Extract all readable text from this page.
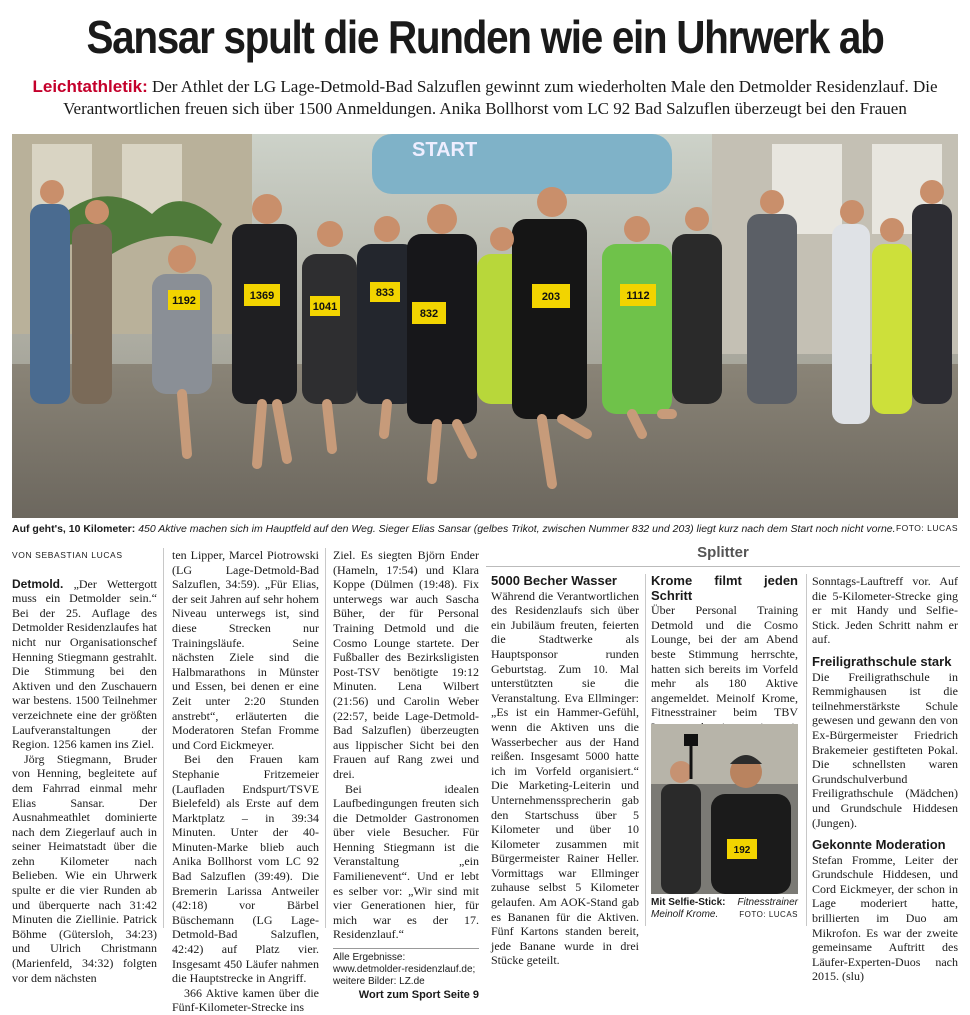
Sansar spult die Runden wie ein Uhrwerk ab
Leichtathletik: Der Athlet der LG Lage-Detmold-Bad Salzuflen gewinnt zum wiederholten Male den Detmolder Residenzlauf. Die Verantwortlichen freuen sich über 1500 Anmeldungen. Anika Bollhorst vom LC 92 Bad Salzuflen überzeugt bei den Frauen
START
1192	1369
1041
833
832
203	1112
Auf geht's, 10 Kilometer: 450 Aktive machen sich im Hauptfeld auf den Weg. Sieger Elias Sansar (gelbes Trikot, zwischen Nummer 832 und 203) liegt kurz nach dem Start noch nicht vorne. FOTO: LUCAS
VON SEBASTIAN LUCAS

Detmold. „Der Wettergott muss ein Detmolder sein.“ Bei der 25. Auflage des Detmolder Residenzlaufes hat nicht nur Organisationschef Henning Stiegmann gestrahlt. Die Stimmung bei den Aktiven und den Zuschauern war bestens. 1500 Teilnehmer verzeichnete eine der größten Laufveranstaltungen der Region. 1256 kamen ins Ziel.

Jörg Stiegmann, Bruder von Henning, begleitete auf dem Fahrrad einmal mehr Elias Sansar. Der Ausnahmeathlet dominierte nach dem Ziegerlauf auch in seiner Heimatstadt über die zehn Kilometer nach Belieben. Wie ein Uhrwerk spulte er die vier Runden ab und überquerte nach 31:42 Minuten die Ziellinie. Patrick Böhme (Gütersloh, 34:23) und Ulrich Christmann (Marienfeld, 34:32) folgten vor dem nächsten

ten Lipper, Marcel Piotrowski (LG Lage-Detmold-Bad Salzuflen, 34:59). „Für Elias, der seit Jahren auf sehr hohem Niveau unterwegs ist, sind diese Strecken nur Trainingsläufe. Seine nächsten Ziele sind die Halbmarathons in Münster und Essen, bei denen er eine Zeit unter 2:20 Stunden anstrebt“, erläuterten die Moderatoren Stefan Fromme und Cord Eickmeyer.

Bei den Frauen kam Stephanie Fritzemeier (Laufladen Endspurt/TSVE Bielefeld) als Erste auf dem Marktplatz – in 39:34 Minuten. Unter der 40-Minuten-Marke blieb auch Anika Bollhorst vom LC 92 Bad Salzuflen (39:49). Die Bremerin Larissa Antweiler (42:18) vor Bärbel Büschemann (LG Lage-Detmold-Bad Salzuflen, 42:42) auf Platz vier. Insgesamt 450 Läufer nahmen die Hauptstrecke in Angriff.

366 Aktive kamen über die Fünf-Kilometer-Strecke ins

Ziel. Es siegten Björn Ender (Hameln, 17:54) und Klara Koppe (Dülmen (19:48). Fix unterwegs war auch Sascha Büher, der für Personal Training Detmold und die Cosmo Lounge startete. Der Fußballer des Bezirksligisten Post-TSV benötigte 19:12 Minuten. Lena Wilbert (21:56) und Carolin Weber (22:57, beide Lage-Detmold-Bad Salzuflen) überzeugten aus lippischer Sicht bei den Frauen auf Rang zwei und drei.

Bei idealen Laufbedingungen freuten sich die Detmolder Gastronomen über viele Besucher. Für Henning Stiegmann ist die Veranstaltung „ein Familienevent“. Und er lebt es selber vor: „Wir sind mit vier Generationen hier, für mich war es der 17. Residenzlauf.“

Alle Ergebnisse: www.detmolder-residenzlauf.de; weitere Bilder: LZ.de
Wort zum Sport Seite 9
Splitter

5000 Becher Wasser

Während die Verantwortlichen des Residenzlaufs sich über ein Jubiläum freuten, feierten die Stadtwerke als Hauptsponsor runden Geburtstag. Zum 10. Mal unterstützten sie die Veranstaltung. Eva Ellminger: „Es ist ein Hammer-Gefühl, wenn die Aktiven uns die Wasserbecher aus der Hand reißen. Insgesamt 5000 hatte ich im Vorfeld organisiert.“ Die Marketing-Leiterin und Unternehmenssprecherin gab den Startschuss über 5 Kilometer und über 10 Kilometer zusammen mit Bürgermeister Rainer Heller. Vormittags war Ellminger zuhause selbst 5 Kilometer gelaufen. Am AOK-Stand gab es Bananen für die Aktiven. Fünf Kartons standen bereit, jede Banane wurde in drei Stücke geteilt.

Krome filmt jeden Schritt

Über Personal Training Detmold und die Cosmo Lounge, bei der am Abend beste Stimmung herrschte, hatten sich bereits im Vorfeld mehr als 180 Aktive angemeldet. Meinolf Krome, Fitnesstrainer beim TBV

192
Mit Selfie-Stick: Fitnesstrainer

Meinolf Krome.	FOTO: LUCAS

Sonntags-Lauftreff vor. Auf die 5-Kilometer-Strecke ging er mit Handy und Selfie-Stick. Jeden Schritt nahm er auf.

Freiligrathschule stark

Die Freiligrathschule in Remmighausen ist die teilnehmerstärkste Schule gewesen und gewann den von Ex-Bürgermeister Friedrich Brakemeier gestifteten Pokal. Die schnellsten waren Grundschulverbund Freiligrathschule (Mädchen) und Grundschule Hiddesen (Jungen).

Gekonnte Moderation

Stefan Fromme, Leiter der Grundschule Hiddesen, und Cord Eickmeyer, der schon in Lage moderiert hatte, brillierten im Duo am Mikrofon. Es war der zweite gemeinsame Auftritt des Läufer-Experten-Duos nach 2015. (slu)
